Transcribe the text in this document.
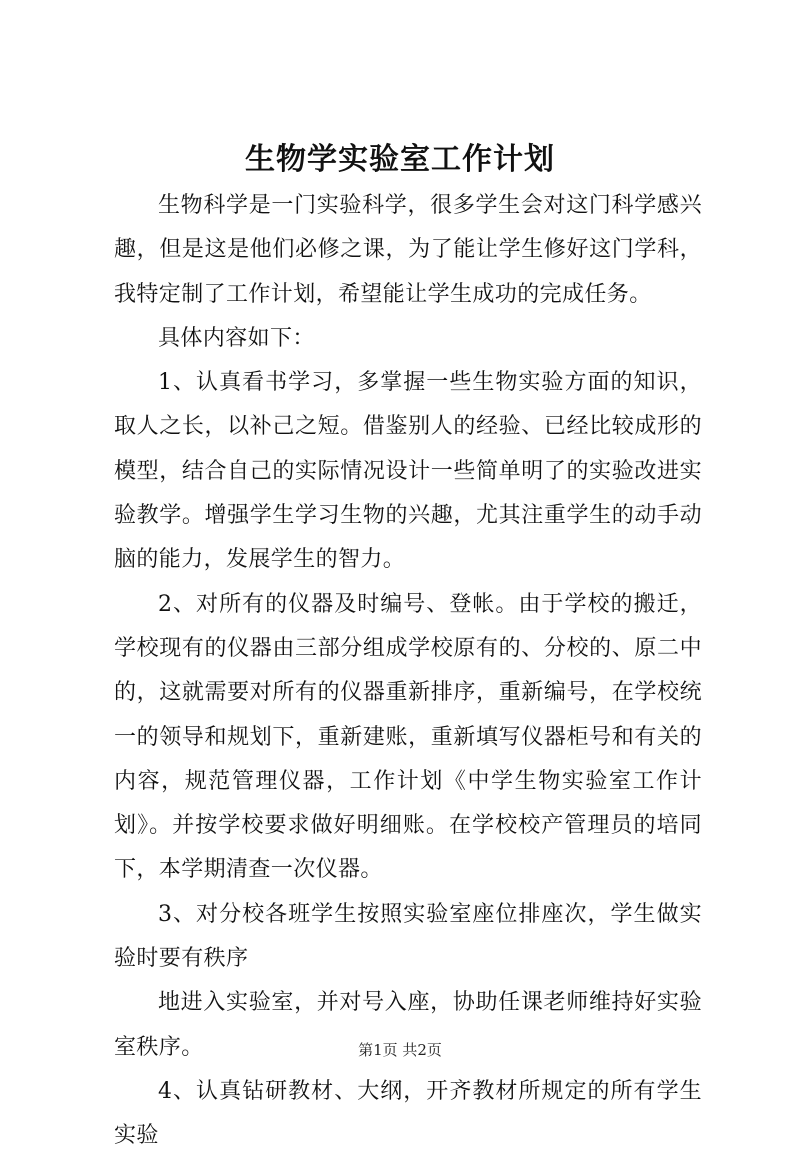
生物学实验室工作计划

生物科学是一门实验科学，很多学生会对这门科学感兴趣，但是这是他们必修之课，为了能让学生修好这门学科，我特定制了工作计划，希望能让学生成功的完成任务。

具体内容如下：

1、认真看书学习，多掌握一些生物实验方面的知识，取人之长，以补己之短。借鉴别人的经验、已经比较成形的模型，结合自己的实际情况设计一些简单明了的实验改进实验教学。增强学生学习生物的兴趣，尤其注重学生的动手动脑的能力，发展学生的智力。

2、对所有的仪器及时编号、登帐。由于学校的搬迁，学校现有的仪器由三部分组成学校原有的、分校的、原二中的，这就需要对所有的仪器重新排序，重新编号，在学校统一的领导和规划下，重新建账，重新填写仪器柜号和有关的内容，规范管理仪器，工作计划《中学生物实验室工作计划》。并按学校要求做好明细账。在学校校产管理员的培同下，本学期清查一次仪器。

3、对分校各班学生按照实验室座位排座次，学生做实验时要有秩序

地进入实验室，并对号入座，协助任课老师维持好实验室秩序。

4、认真钻研教材、大纲，开齐教材所规定的所有学生实验

第1页 共2页
